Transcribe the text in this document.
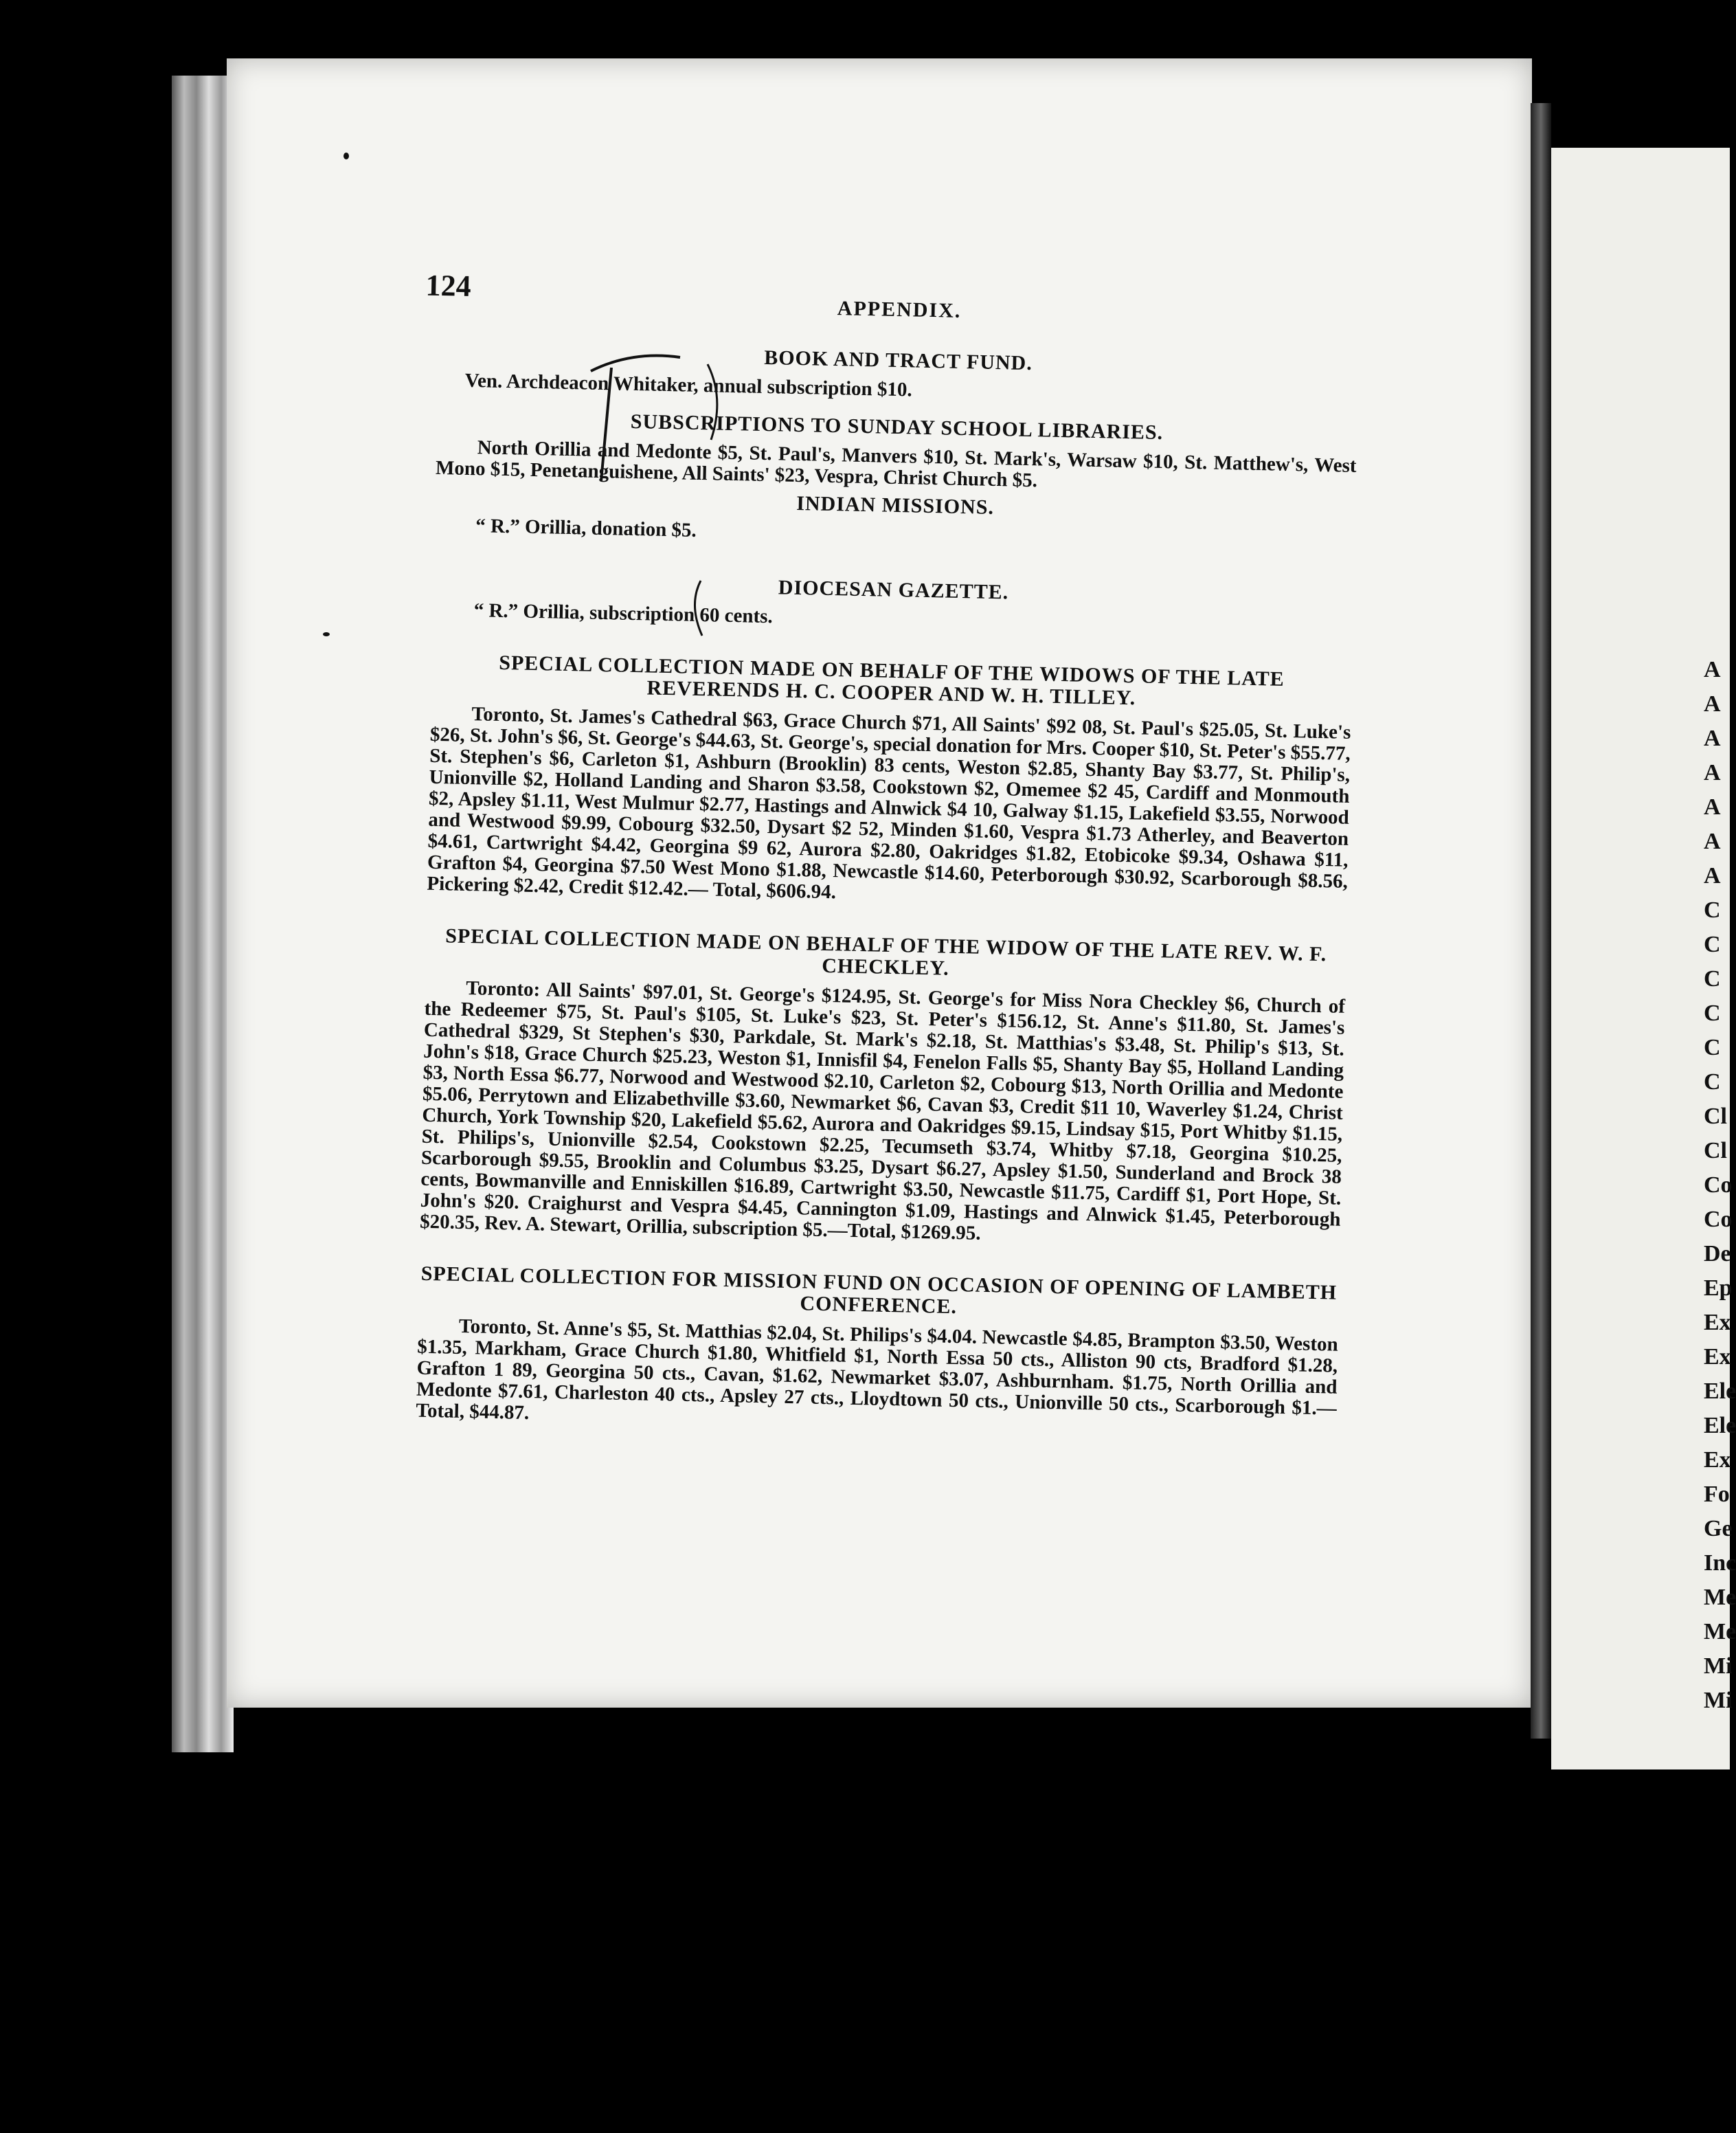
A
A
A
A
A
A
A
C
C
C
C
C
C
Cl
Cl
Co
Co
De
Ep
Ex
Ex
Ele
Ele
Ex
Fo
Ge
Inc
Me
Me
Mi
Mi
124
APPENDIX.
BOOK AND TRACT FUND.

Ven. Archdeacon Whitaker, annual subscription $10.

SUBSCRIPTIONS TO SUNDAY SCHOOL LIBRARIES.

North Orillia and Medonte $5, St. Paul's, Manvers $10, St. Mark's, Warsaw $10, St. Matthew's, West Mono $15, Penetanguishene, All Saints' $23, Vespra, Christ Church $5.

INDIAN MISSIONS.

“ R.” Orillia, donation $5.

DIOCESAN GAZETTE.

“ R.” Orillia, subscription 60 cents.

SPECIAL COLLECTION MADE ON BEHALF OF THE WIDOWS OF THE LATE REVERENDS H. C. COOPER AND W. H. TILLEY.

Toronto, St. James's Cathedral $63, Grace Church $71, All Saints' $92 08, St. Paul's $25.05, St. Luke's $26, St. John's $6, St. George's $44.63, St. George's, special donation for Mrs. Cooper $10, St. Peter's $55.77, St. Stephen's $6, Carleton $1, Ashburn (Brooklin) 83 cents, Weston $2.85, Shanty Bay $3.77, St. Philip's, Unionville $2, Holland Landing and Sharon $3.58, Cookstown $2, Omemee $2 45, Cardiff and Monmouth $2, Apsley $1.11, West Mulmur $2.77, Hastings and Alnwick $4 10, Galway $1.15, Lakefield $3.55, Norwood and Westwood $9.99, Cobourg $32.50, Dysart $2 52, Minden $1.60, Vespra $1.73 Atherley, and Beaverton $4.61, Cartwright $4.42, Georgina $9 62, Aurora $2.80, Oakridges $1.82, Etobicoke $9.34, Oshawa $11, Grafton $4, Georgina $7.50 West Mono $1.88, Newcastle $14.60, Peterborough $30.92, Scarborough $8.56, Pickering $2.42, Credit $12.42.— Total, $606.94.

SPECIAL COLLECTION MADE ON BEHALF OF THE WIDOW OF THE LATE REV. W. F. CHECKLEY.

Toronto: All Saints' $97.01, St. George's $124.95, St. George's for Miss Nora Checkley $6, Church of the Redeemer $75, St. Paul's $105, St. Luke's $23, St. Peter's $156.12, St. Anne's $11.80, St. James's Cathedral $329, St Stephen's $30, Parkdale, St. Mark's $2.18, St. Matthias's $3.48, St. Philip's $13, St. John's $18, Grace Church $25.23, Weston $1, Innisfil $4, Fenelon Falls $5, Shanty Bay $5, Holland Landing $3, North Essa $6.77, Norwood and Westwood $2.10, Carleton $2, Cobourg $13, North Orillia and Medonte $5.06, Perrytown and Elizabethville $3.60, Newmarket $6, Cavan $3, Credit $11 10, Waverley $1.24, Christ Church, York Township $20, Lakefield $5.62, Aurora and Oakridges $9.15, Lindsay $15, Port Whitby $1.15, St. Philips's, Unionville $2.54, Cookstown $2.25, Tecumseth $3.74, Whitby $7.18, Georgina $10.25, Scarborough $9.55, Brooklin and Columbus $3.25, Dysart $6.27, Apsley $1.50, Sunderland and Brock 38 cents, Bowmanville and Enniskillen $16.89, Cartwright $3.50, Newcastle $11.75, Cardiff $1, Port Hope, St. John's $20. Craighurst and Vespra $4.45, Cannington $1.09, Hastings and Alnwick $1.45, Peterborough $20.35, Rev. A. Stewart, Orillia, subscription $5.—Total, $1269.95.

SPECIAL COLLECTION FOR MISSION FUND ON OCCASION OF OPENING OF LAMBETH CONFERENCE.

Toronto, St. Anne's $5, St. Matthias $2.04, St. Philips's $4.04. Newcastle $4.85, Brampton $3.50, Weston $1.35, Markham, Grace Church $1.80, Whitfield $1, North Essa 50 cts., Alliston 90 cts, Bradford $1.28, Grafton 1 89, Georgina 50 cts., Cavan, $1.62, Newmarket $3.07, Ashburnham. $1.75, North Orillia and Medonte $7.61, Charleston 40 cts., Apsley 27 cts., Lloydtown 50 cts., Unionville 50 cts., Scarborough $1.—Total, $44.87.
